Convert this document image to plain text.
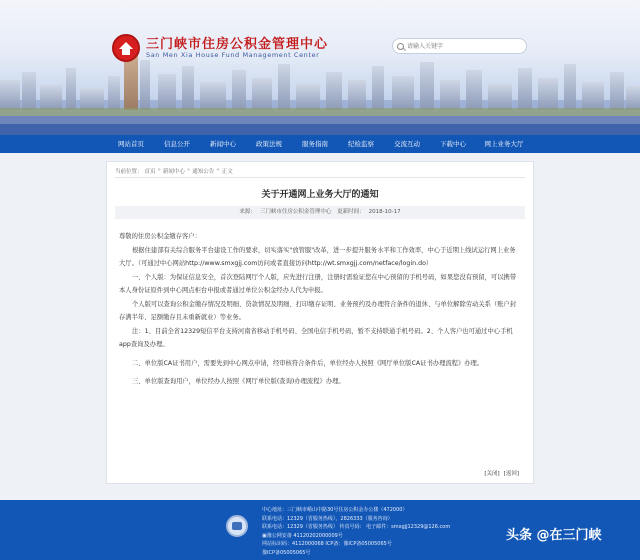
三门峡市住房公积金管理中心
San Men Xia House Fund Management Center
请输入关键字
网站首页	信息公开	新闻中心	政策法规	服务指南	纪检监察	交流互动	下载中心	网上业务大厅
当前位置： 首页 » 新闻中心 » 通知公告 » 正文
关于开通网上业务大厅的通知
来源： 三门峡市住房公积金管理中心 更新时间： 2018-10-17

尊敬的住房公积金缴存客户：

根据住建部有关综合服务平台建设工作的要求，切实落实"放管服"改革，进一步提升服务水平和工作效率，中心于近期上线试运行网上业务大厅。（可通过中心网站http://www.smxgjj.com访问或者直接访问http://wt.smxgjj.com/netface/login.do）

一、个人版：为保证信息安全，首次登陆网厅个人版，应先进行注册，注册时需验证您在中心预留的手机号码，如果您没有预留，可以携带本人身份证原件到中心网点柜台申报或者通过单位公积金经办人代为申报。

个人版可以查询公积金缴存情况及明细、贷款情况及明细、打印缴存证明、业务预约及办理符合条件的退休、与单位解除劳动关系（账户封存满半年、足额缴存且未重新就业）等业务。

注：1、目前全省12329短信平台支持河南省移动手机号码、全国电信手机号码，暂不支持联通手机号码。2、个人客户也可通过中心手机app查询及办理。

二、单位版CA证书用户，需要先到中心网点申请，经审核符合条件后，单位经办人按照《网厅单位版CA证书办理流程》办理。

三、单位版查询用户，单位经办人按照《网厅单位版(查询)办理流程》办理。

[关闭] [返回]
中心地址：三门峡市崤山中路30号住房公积金办公楼（472000）
联系电话：12329（省服务热线），2826333（服务咨询）
联系电话：12329（省服务热线） 传真号码： 电子邮件：smxgjj12329@126.com
▣豫公网安备 41120202000009号
网站标识码：4112000068 ICP备：豫ICP备05005065号
豫ICP备05005065号
头条 @在三门峡
